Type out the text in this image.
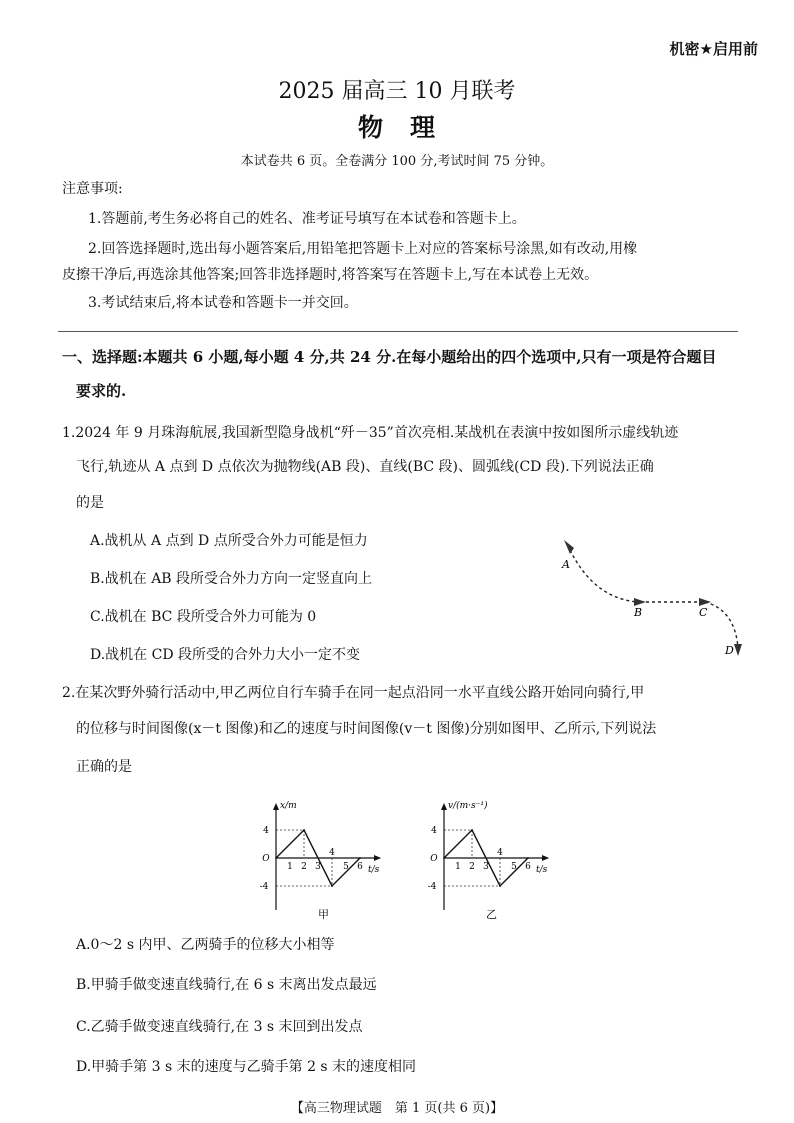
机密★启用前
2025 届高三 10 月联考
物　理
本试卷共 6 页。全卷满分 100 分,考试时间 75 分钟。
注意事项:
1.答题前,考生务必将自己的姓名、准考证号填写在本试卷和答题卡上。
2.回答选择题时,选出每小题答案后,用铅笔把答题卡上对应的答案标号涂黑,如有改动,用橡
皮擦干净后,再选涂其他答案;回答非选择题时,将答案写在答题卡上,写在本试卷上无效。
3.考试结束后,将本试卷和答题卡一并交回。
一、选择题:本题共 6 小题,每小题 4 分,共 24 分.在每小题给出的四个选项中,只有一项是符合题目
要求的.
1.2024 年 9 月珠海航展,我国新型隐身战机“歼－35”首次亮相.某战机在表演中按如图所示虚线轨迹
飞行,轨迹从 A 点到 D 点依次为抛物线(AB 段)、直线(BC 段)、圆弧线(CD 段).下列说法正确
的是
A.战机从 A 点到 D 点所受合外力可能是恒力
B.战机在 AB 段所受合外力方向一定竖直向上
C.战机在 BC 段所受合外力可能为 0
D.战机在 CD 段所受的合外力大小一定不变
A
B	C
D
2.在某次野外骑行活动中,甲乙两位自行车骑手在同一起点沿同一水平直线公路开始同向骑行,甲
的位移与时间图像(x－t 图像)和乙的速度与时间图像(v－t 图像)分别如图甲、乙所示,下列说法
正确的是
x/m
t/s
4
O
-4
1 2 3
4
5 6
甲
v/(m·s⁻¹)
t/s
4
O
-4
1 2 3
4
5 6
乙
A.0～2 s 内甲、乙两骑手的位移大小相等
B.甲骑手做变速直线骑行,在 6 s 末离出发点最远
C.乙骑手做变速直线骑行,在 3 s 末回到出发点
D.甲骑手第 3 s 末的速度与乙骑手第 2 s 末的速度相同
【高三物理试题　第 1 页(共 6 页)】
